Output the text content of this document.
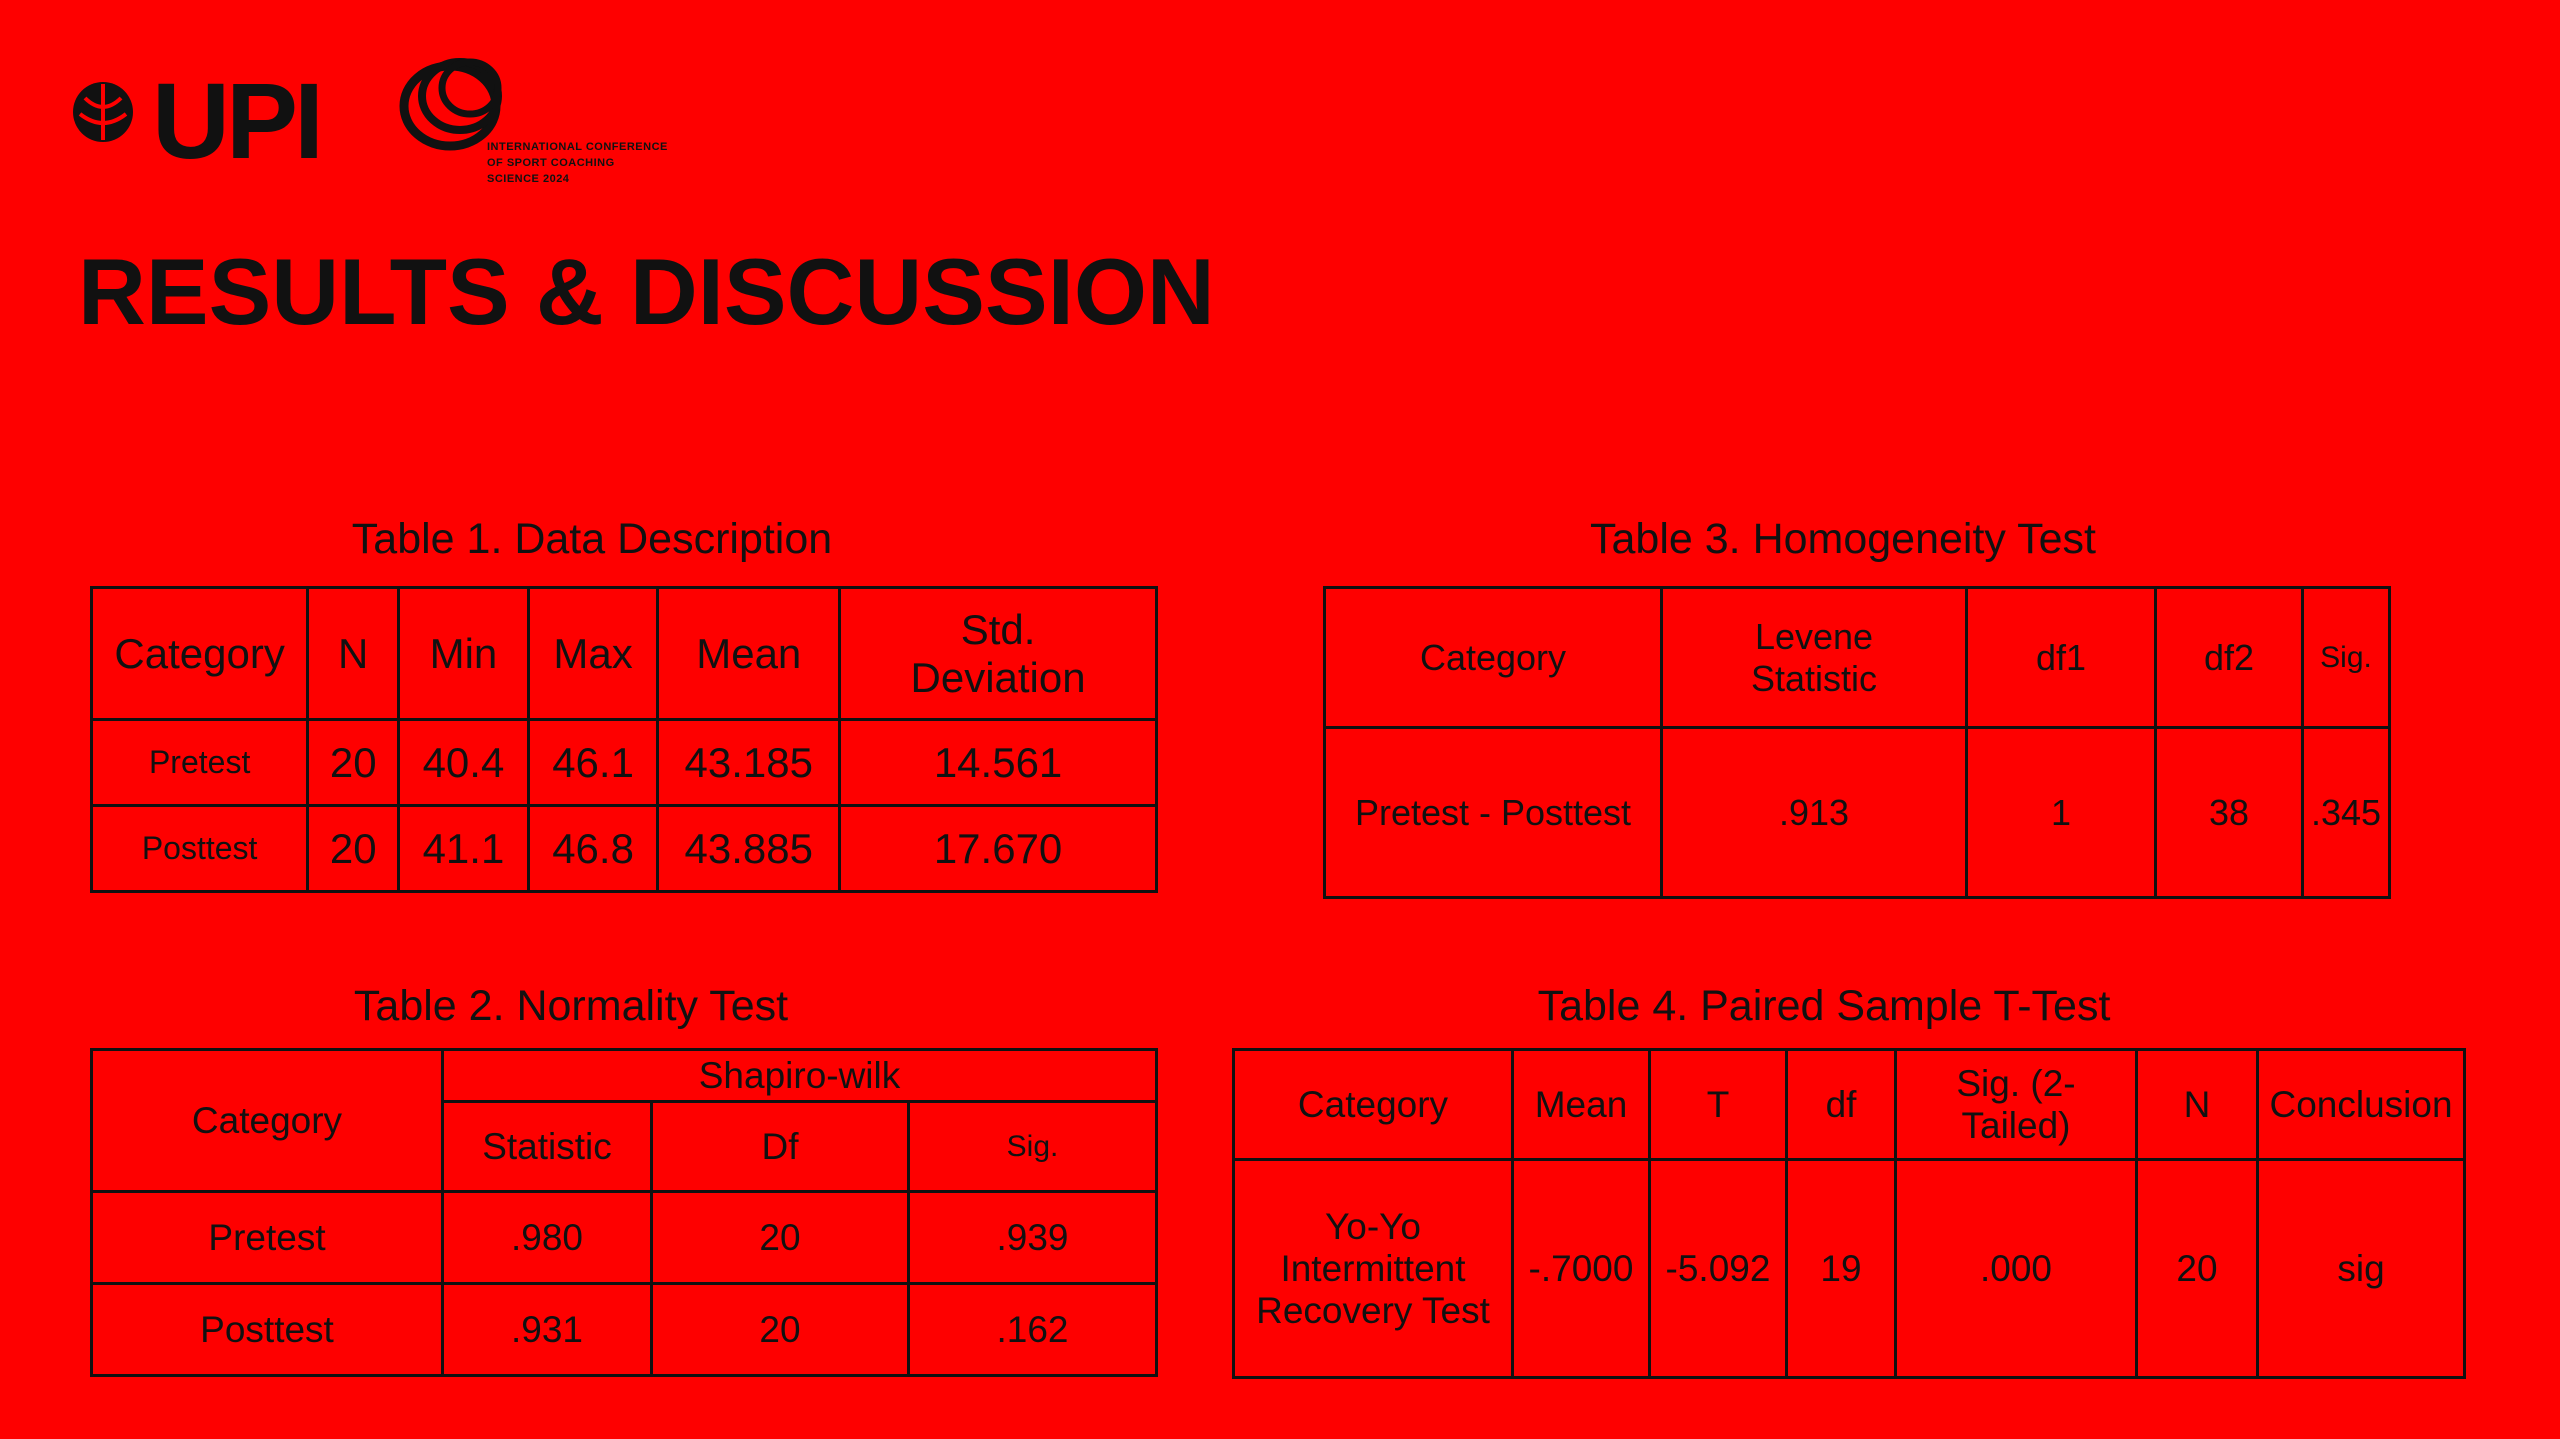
UPI	INTERNATIONAL CONFERENCE
OF SPORT COACHING
SCIENCE 2024
RESULTS & DISCUSSION
Table 1. Data Description
Category	N	Min	Max	Mean	Std. Deviation
Pretest	20	40.4	46.1	43.185	14.561
Posttest	20	41.1	46.8	43.885	17.670
Table 2. Normality Test
Category	Shapiro-wilk		
	Statistic	Df	Sig.
Pretest	.980	20	.939
Posttest	.931	20	.162
Table 3. Homogeneity Test
Category	Levene Statistic	df1	df2	Sig.
Pretest - Posttest	.913	1	38	.345
Table 4. Paired Sample T-Test
Category	Mean	T	df	Sig. (2-Tailed)	N	Conclusion
Yo-Yo Intermittent Recovery Test	-.7000	-5.092	19	.000	20	sig
